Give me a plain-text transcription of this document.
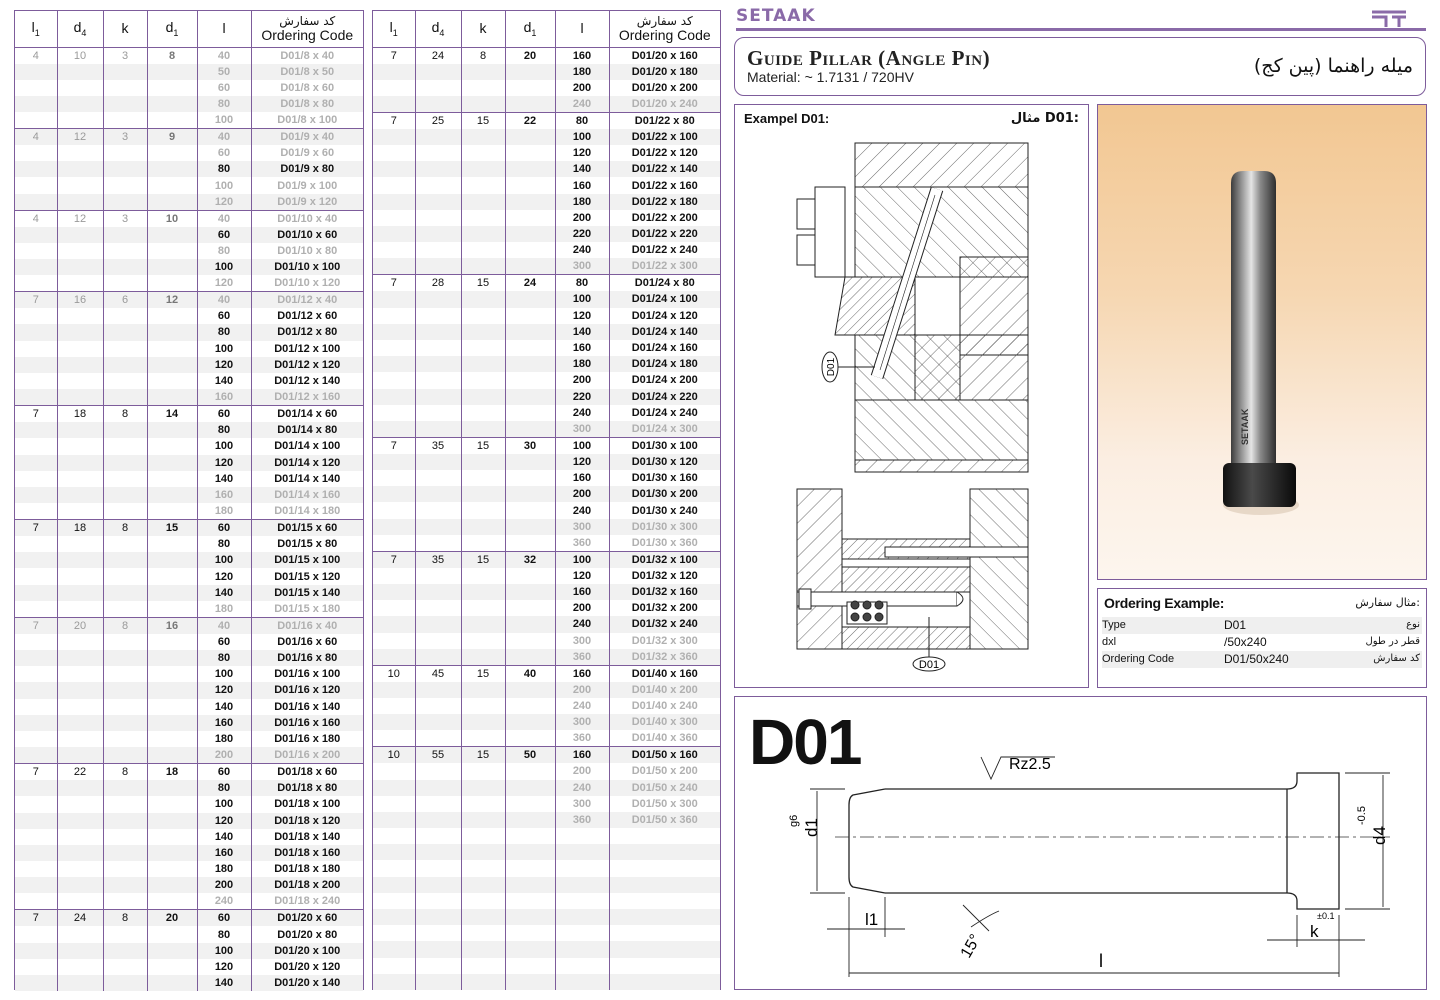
$l_1$	$d_4$	k	$d_1$	l	کد سفارش
Ordering Code

4	10	3	8	40	D01/8 x 40
				50	D01/8 x 50
				60	D01/8 x 60
				80	D01/8 x 80
				100	D01/8 x 100
4	12	3	9	40	D01/9 x 40
				60	D01/9 x 60
				80	D01/9 x 80
				100	D01/9 x 100
				120	D01/9 x 120
4	12	3	10	40	D01/10 x 40
				60	D01/10 x 60
				80	D01/10 x 80
				100	D01/10 x 100
				120	D01/10 x 120
7	16	6	12	40	D01/12 x 40
				60	D01/12 x 60
				80	D01/12 x 80
				100	D01/12 x 100
				120	D01/12 x 120
				140	D01/12 x 140
				160	D01/12 x 160
7	18	8	14	60	D01/14 x 60
				80	D01/14 x 80
				100	D01/14 x 100
				120	D01/14 x 120
				140	D01/14 x 140
				160	D01/14 x 160
				180	D01/14 x 180
7	18	8	15	60	D01/15 x 60
				80	D01/15 x 80
				100	D01/15 x 100
				120	D01/15 x 120
				140	D01/15 x 140
				180	D01/15 x 180
7	20	8	16	40	D01/16 x 40
				60	D01/16 x 60
				80	D01/16 x 80
				100	D01/16 x 100
				120	D01/16 x 120
				140	D01/16 x 140
				160	D01/16 x 160
				180	D01/16 x 180
				200	D01/16 x 200
7	22	8	18	60	D01/18 x 60
				80	D01/18 x 80
				100	D01/18 x 100
				120	D01/18 x 120
				140	D01/18 x 140
				160	D01/18 x 160
				180	D01/18 x 180
				200	D01/18 x 200
				240	D01/18 x 240
7	24	8	20	60	D01/20 x 60
				80	D01/20 x 80
				100	D01/20 x 100
				120	D01/20 x 120
				140	D01/20 x 140
$l_1$	$d_4$	k	$d_1$	l	کد سفارش
Ordering Code

7	24	8	20	160	D01/20 x 160
				180	D01/20 x 180
				200	D01/20 x 200
				240	D01/20 x 240
7	25	15	22	80	D01/22 x 80
				100	D01/22 x 100
				120	D01/22 x 120
				140	D01/22 x 140
				160	D01/22 x 160
				180	D01/22 x 180
				200	D01/22 x 200
				220	D01/22 x 220
				240	D01/22 x 240
				300	D01/22 x 300
7	28	15	24	80	D01/24 x 80
				100	D01/24 x 100
				120	D01/24 x 120
				140	D01/24 x 140
				160	D01/24 x 160
				180	D01/24 x 180
				200	D01/24 x 200
				220	D01/24 x 220
				240	D01/24 x 240
				300	D01/24 x 300
7	35	15	30	100	D01/30 x 100
				120	D01/30 x 120
				160	D01/30 x 160
				200	D01/30 x 200
				240	D01/30 x 240
				300	D01/30 x 300
				360	D01/30 x 360
7	35	15	32	100	D01/32 x 100
				120	D01/32 x 120
				160	D01/32 x 160
				200	D01/32 x 200
				240	D01/32 x 240
				300	D01/32 x 300
				360	D01/32 x 360
10	45	15	40	160	D01/40 x 160
				200	D01/40 x 200
				240	D01/40 x 240
				300	D01/40 x 300
				360	D01/40 x 360
10	55	15	50	160	D01/50 x 160
				200	D01/50 x 200
				240	D01/50 x 240
				300	D01/50 x 300
				360	D01/50 x 360

SETAAK
Guide Pillar (Angle Pin)
Material: ~ 1.7131 / 720HV	میله راهنما (پین کج)
Exampel D01:	مثال D01:
D01
D01
SETAAK
Ordering Example:	مثال سفارش:
Type	D01	نوع
dxl	/50x240	قطر در طول
Ordering Code	D01/50x240	کد سفارش
D01	Rz2.5
d1
g6
d4
-0.5
l1
k
±0.1
l
15°
